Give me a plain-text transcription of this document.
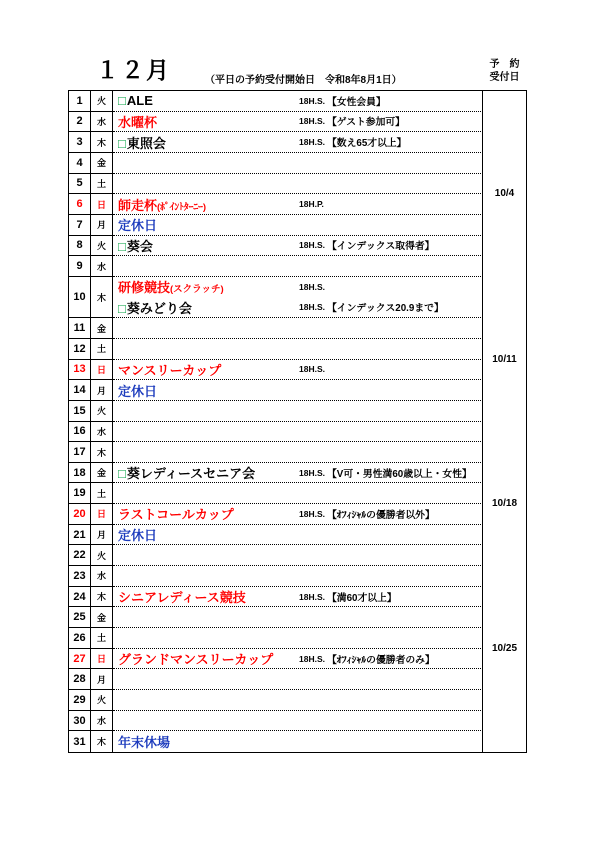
１２月	（平日の予約受付開始日　令和8年8月1日）
予　約
受付日
1	火 □ALE	18H.S. 【女性会員】
2	水 水曜杯	18H.S. 【ゲスト参加可】
3	木 □東照会	18H.S. 【数え65才以上】
4	金
5	土
6	日 師走杯(ﾎﾟｲﾝﾄﾀｰﾆｰ)	18H.P.
10/4
7	月 定休日
8	火 □葵会	18H.S. 【インデックス取得者】
9	水
10	木
研修競技(スクラッチ)	18H.S.
□葵みどり会	18H.S. 【インデックス20.9まで】
11	金
12	土
13	日 マンスリーカップ	18H.S.
10/11
14	月 定休日
15	火
16	水
17	木
18	金 □葵レディースセニア会	18H.S. 【V可・男性満60歳以上・女性】
19	土
20	日 ラストコールカップ	18H.S. 【ｵﾌｨｼｬﾙの優勝者以外】
10/18
21	月 定休日
22	火
23	水
24	木 シニアレディース競技	18H.S. 【満60才以上】
25	金
26	土
27	日 グランドマンスリーカップ	18H.S. 【ｵﾌｨｼｬﾙの優勝者のみ】
10/25
28	月
29	火
30	水
31	木 年末休場
